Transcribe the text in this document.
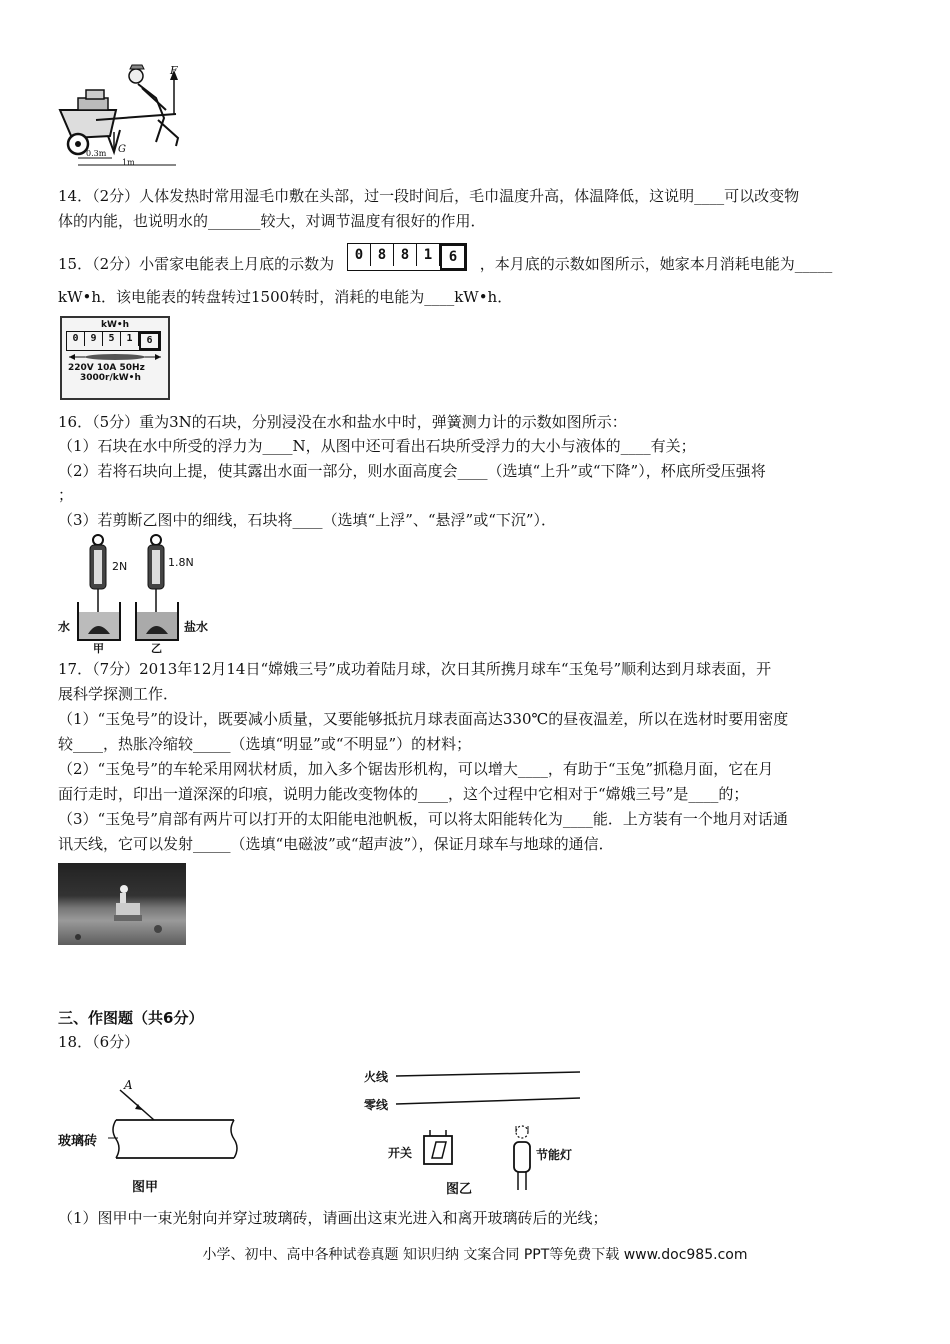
F
G
0.3m
1m
14．（2分）人体发热时常用湿毛巾敷在头部，过一段时间后，毛巾温度升高，体温降低，这说明____可以改变物
体的内能，也说明水的_______较大，对调节温度有很好的作用．
15．（2分）小雷家电能表上月底的示数为	0	8	8	1	6	，本月底的示数如图所示，她家本月消耗电能为_____
kW•h．该电能表的转盘转过1500转时，消耗的电能为____kW•h．
kW•h
0	9	5	1	6
220V 10A 50Hz
3000r/kW•h
16．（5分）重为3N的石块，分别浸没在水和盐水中时，弹簧测力计的示数如图所示：
（1）石块在水中所受的浮力为____N，从图中还可看出石块所受浮力的大小与液体的____有关；
（2）若将石块向上提，使其露出水面一部分，则水面高度会____（选填“上升”或“下降”），杯底所受压强将
；
（3）若剪断乙图中的细线，石块将____（选填“上浮”、“悬浮”或“下沉”）．
2N	1.8N
水	盐水
甲	乙
17．（7分）2013年12月14日“嫦娥三号”成功着陆月球，次日其所携月球车“玉兔号”顺利达到月球表面，开
展科学探测工作．
（1）“玉兔号”的设计，既要减小质量，又要能够抵抗月球表面高达330℃的昼夜温差，所以在选材时要用密度
较____，热胀冷缩较_____（选填“明显”或“不明显”）的材料；
（2）“玉兔号”的车轮采用网状材质，加入多个锯齿形机构，可以增大____，有助于“玉兔”抓稳月面，它在月
面行走时，印出一道深深的印痕，说明力能改变物体的____，这个过程中它相对于“嫦娥三号”是____的；
（3）“玉兔号”肩部有两片可以打开的太阳能电池帆板，可以将太阳能转化为____能．上方装有一个地月对话通
讯天线，它可以发射_____（选填“电磁波”或“超声波”），保证月球车与地球的通信．
三、作图题（共6分）
18．（6分）
A
玻璃砖
图甲
火线
零线
开关	节能灯
图乙
（1）图甲中一束光射向并穿过玻璃砖，请画出这束光进入和离开玻璃砖后的光线；
小学、初中、高中各种试卷真题 知识归纳 文案合同 PPT等免费下载 www.doc985.com
